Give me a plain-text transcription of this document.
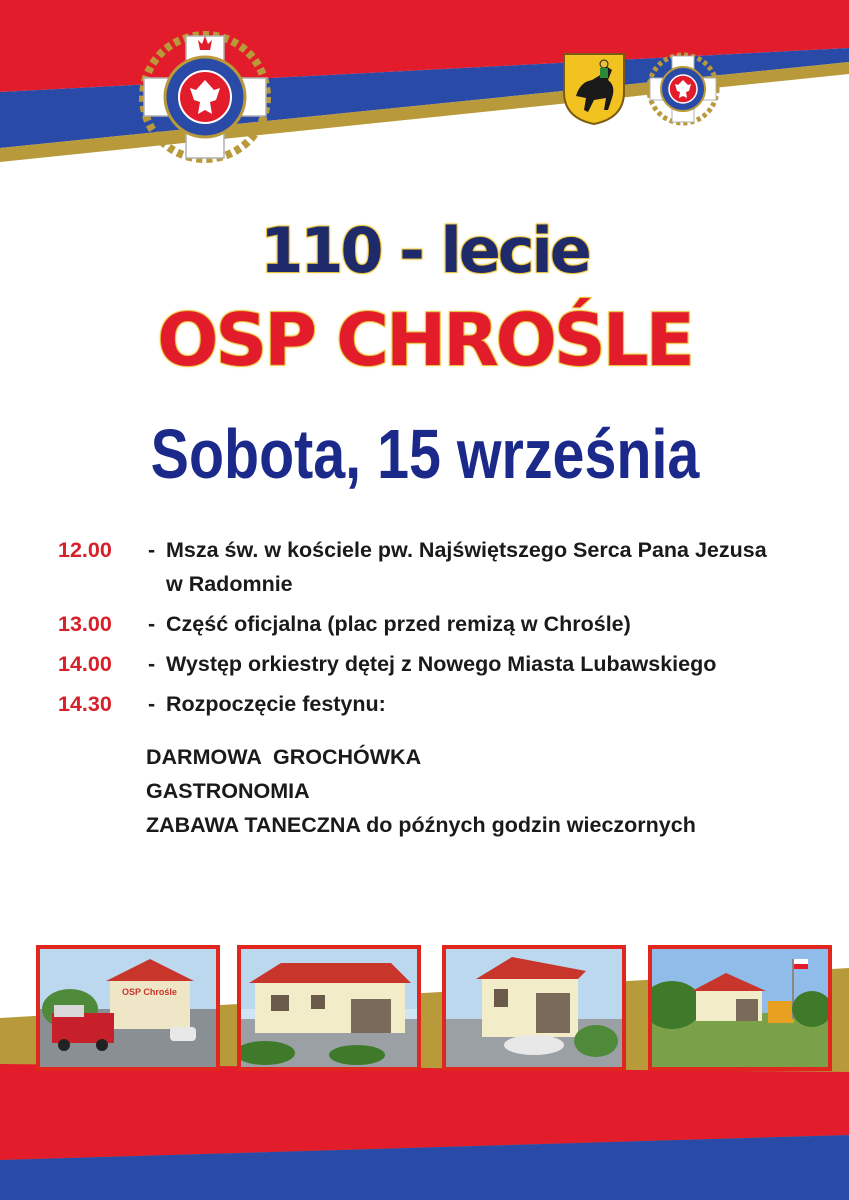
110 - lecie
OSP CHROŚLE
Sobota, 15 września
12.00	- Msza św. w kościele pw. Najświętszego Serca Pana Jezusa
w Radomnie
13.00	- Część oficjalna (plac przed remizą w Chrośle)
14.00	- Występ orkiestry dętej z Nowego Miasta Lubawskiego
14.30	- Rozpoczęcie festynu:
DARMOWA  GROCHÓWKA
GASTRONOMIA
ZABAWA TANECZNA do późnych godzin wieczornych
OSP Chrośle
